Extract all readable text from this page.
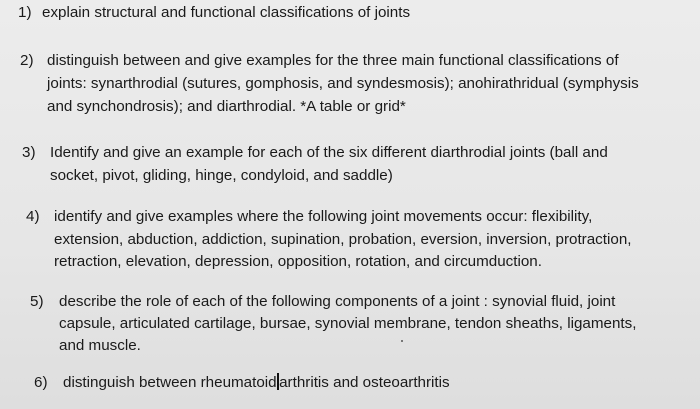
1) explain structural and functional classifications of joints
2) distinguish between and give examples for the three main functional classifications of
joints: synarthrodial (sutures, gomphosis, and syndesmosis); anohirathridual (symphysis
and synchondrosis); and diarthrodial. *A table or grid*
3) Identify and give an example for each of the six different diarthrodial joints (ball and
socket, pivot, gliding, hinge, condyloid, and saddle)
4) identify and give examples where the following joint movements occur: flexibility,
extension, abduction, addiction, supination, probation, eversion, inversion, protraction,
retraction, elevation, depression, opposition, rotation, and circumduction.
5) describe the role of each of the following components of a joint : synovial fluid, joint
capsule, articulated cartilage, bursae, synovial membrane, tendon sheaths, ligaments,
and muscle.
6) distinguish between rheumatoid arthritis and osteoarthritis
